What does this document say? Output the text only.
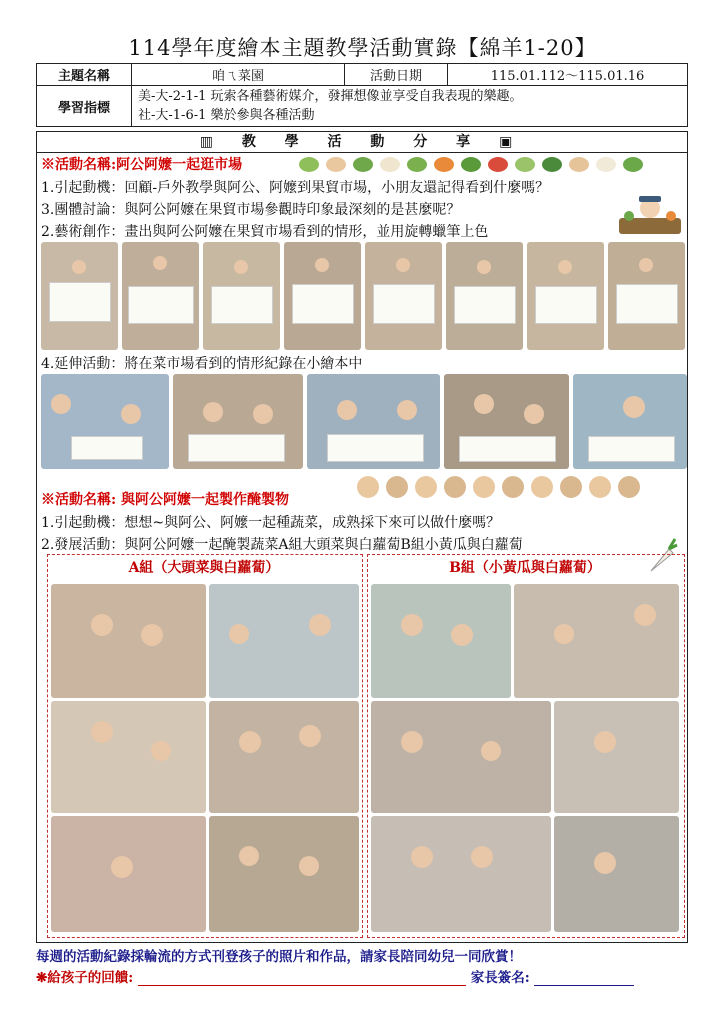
114學年度繪本主題教學活動實錄【綿羊1-20】
主題名稱	咱ㄟ菜園	活動日期	115.01.112～115.01.16
學習指標	美-大-2-1-1 玩索各種藝術媒介，發揮想像並享受自我表現的樂趣。
社-大-1-6-1 樂於參與各種活動		
▥ 教 學 活 動 分 享 ▣
※活動名稱:阿公阿嬤一起逛市場
1.引起動機：回顧-戶外教學與阿公、阿嬤到果貿市場，小朋友還記得看到什麼嗎？
3.團體討論：與阿公阿嬤在果貿市場參觀時印象最深刻的是甚麼呢？
2.藝術創作：畫出與阿公阿嬤在果貿市場看到的情形，並用旋轉蠟筆上色
4.延伸活動：將在菜市場看到的情形紀錄在小繪本中
※活動名稱: 與阿公阿嬤一起製作醃製物
1.引起動機：想想~與阿公、阿嬤一起種蔬菜，成熟採下來可以做什麼嗎？
2.發展活動：與阿公阿嬤一起醃製蔬菜A組大頭菜與白蘿蔔B組小黃瓜與白蘿蔔
A組（大頭菜與白蘿蔔）	B組（小黃瓜與白蘿蔔）
每週的活動紀錄採輪流的方式刊登孩子的照片和作品，請家長陪同幼兒一同欣賞！
❋給孩子的回饋:	家長簽名:
